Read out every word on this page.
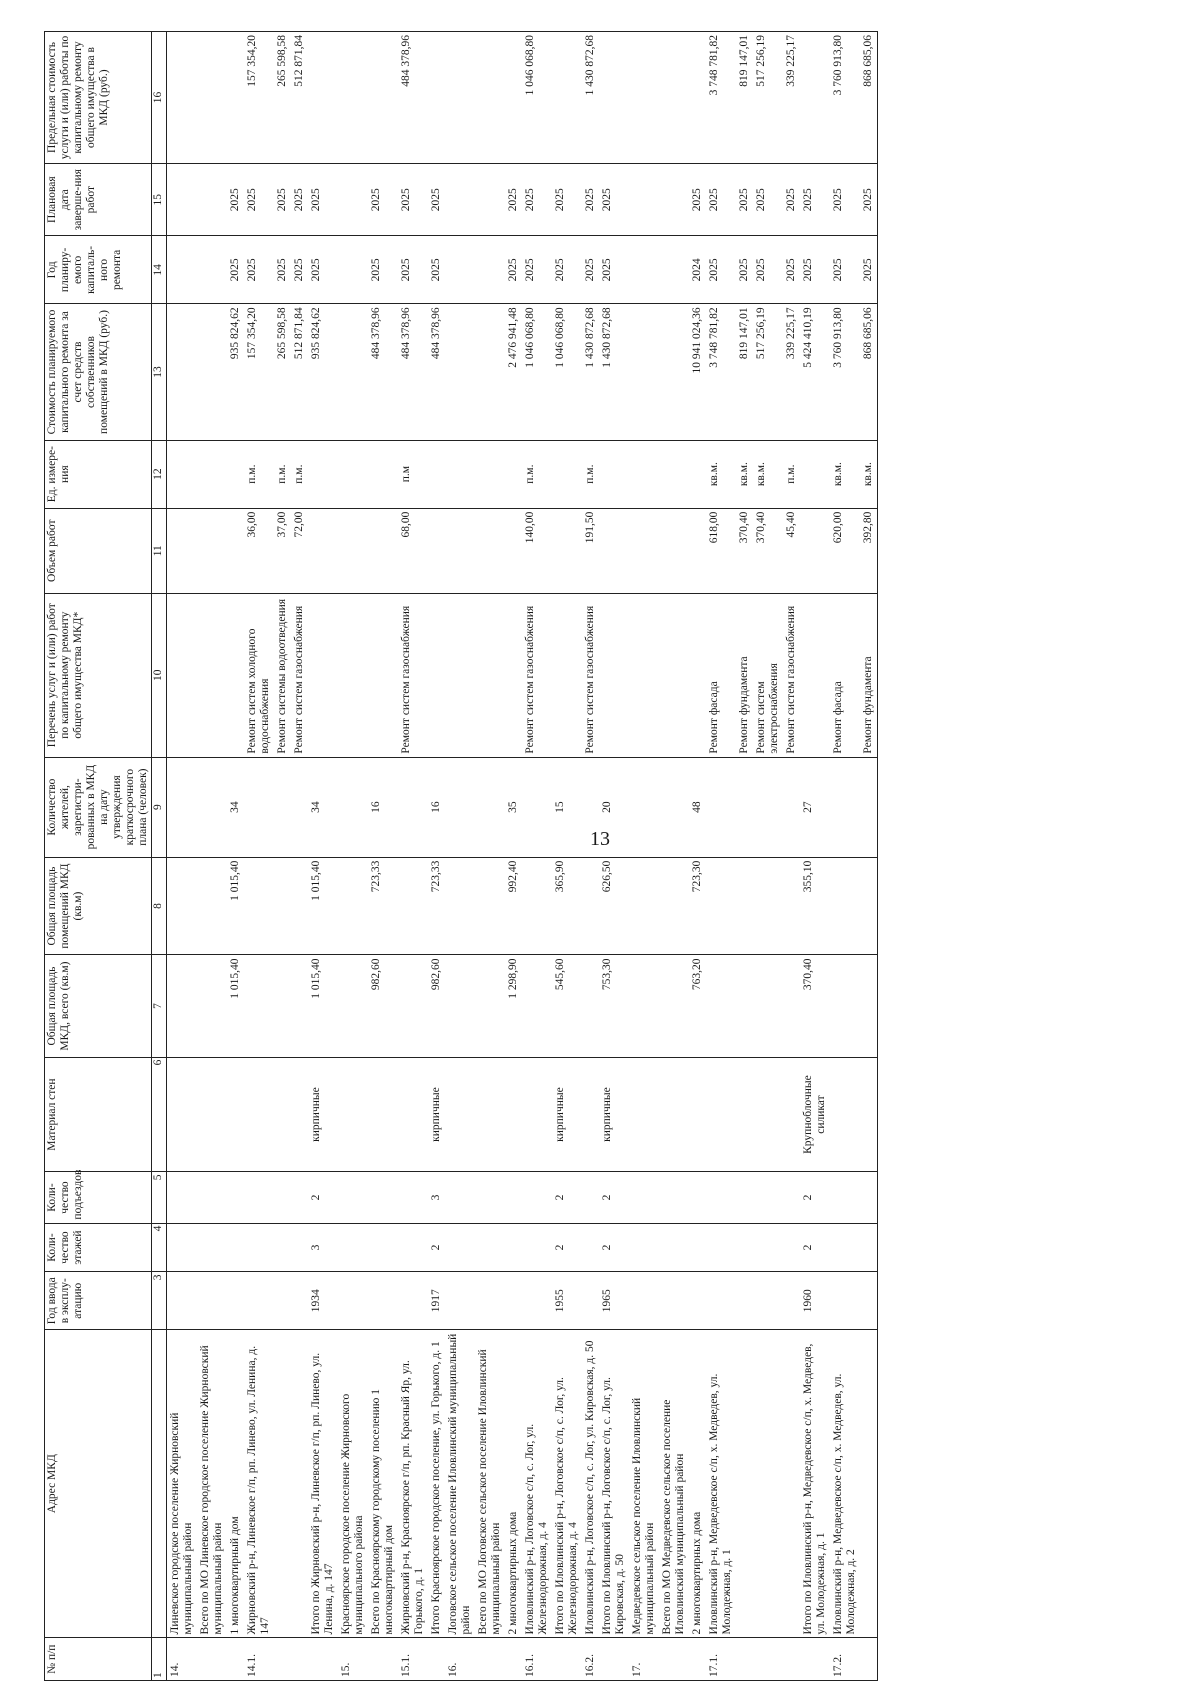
13
№ п/п	Адрес МКД	Год ввода в эксплу-атацию	Коли-чество этажей	Коли-чество подъездов	Материал стен	Общая площадь МКД, всего (кв.м)	Общая площадь помещений МКД (кв.м)	Количество жителей, зарегистри-рованных в МКД на дату утверждения краткосрочного плана (человек)	Перечень услуг и (или) работ по капитальному ремонту общего имущества МКД*	Объем работ	Ед. измере-ния	Стоимость планируемого капитального ремонта за счет средств собственников помещений в МКД (руб.)	Год планиру-емого капиталь-ного ремонта	Плановая дата заверше-ния работ	Предельная стоимость услуги и (или) работы по капитальному ремонту общего имущества в МКД (руб.)
1		3	4	5	6	7	8	9	10	11	12	13	14	15	16
14.	Линевское городское поселение Жирновский муниципальный район														
	Всего по МО Линевское городское поселение Жирновский муниципальный район														
	1 многоквартирный дом					1 015,40	1 015,40	34				935 824,62	2025	2025	
14.1.	Жирновский р-н, Линевское г/п, рп. Линево, ул. Ленина, д. 147								Ремонт систем холодного водоснабжения	36,00	п.м.	157 354,20	2025	2025	157 354,20
									Ремонт системы водоотведения	37,00	п.м.	265 598,58	2025	2025	265 598,58
									Ремонт систем газоснабжения	72,00	п.м.	512 871,84	2025	2025	512 871,84
	Итого по Жирновский р-н, Линевское г/п, рп. Линево, ул. Ленина, д. 147	1934	3	2	кирпичные	1 015,40	1 015,40	34				935 824,62	2025	2025	
15.	Красноярское городское поселение Жирновского муниципального района														
	Всего по Красноярскому городскому поселению 1 многоквартирный дом					982,60	723,33	16				484 378,96	2025	2025	
15.1.	Жирновский р-н, Красноярское г/п, рп. Красный Яр, ул. Горького, д. 1								Ремонт систем газоснабжения	68,00	п.м	484 378,96	2025	2025	484 378,96
	Итого Красноярское городское поселение, ул. Горького, д. 1	1917	2	3	кирпичные	982,60	723,33	16				484 378,96	2025	2025	
16.	Логовское сельское поселение Иловлинский муниципальный район														
	Всего по МО Логовское сельское поселение Иловлинский муниципальный район														
	2 многоквартирных дома					1 298,90	992,40	35				2 476 941,48	2025	2025	
16.1.	Иловлинский р-н, Логовское с/п, с. Лог, ул. Железнодорожная, д. 4								Ремонт систем газоснабжения	140,00	п.м.	1 046 068,80	2025	2025	1 046 068,80
	Итого по Иловлинский р-н, Логовское с/п, с. Лог, ул. Железнодорожная, д. 4	1955	2	2	кирпичные	545,60	365,90	15				1 046 068,80	2025	2025	
16.2.	Иловлинский р-н, Логовское с/п, с. Лог, ул. Кировская, д. 50								Ремонт систем газоснабжения	191,50	п.м.	1 430 872,68	2025	2025	1 430 872,68
	Итого по Иловлинский р-н, Логовское с/п, с. Лог, ул. Кировская, д. 50	1965	2	2	кирпичные	753,30	626,50	20				1 430 872,68	2025	2025	
17.	Медведевское сельское поселение Иловлинский муниципальный район														
	Всего по МО Медведевское сельское поселение Иловлинский муниципальный район														
	2 многоквартирных дома					763,20	723,30	48				10 941 024,36	2024	2025	
17.1.	Иловлинский р-н, Медведевское с/п, х. Медведев, ул. Молодежная, д. 1								Ремонт фасада	618,00	кв.м.	3 748 781,82	2025	2025	3 748 781,82
									Ремонт фундамента	370,40	кв.м.	819 147,01	2025	2025	819 147,01
									Ремонт систем электроснабжения	370,40	кв.м.	517 256,19	2025	2025	517 256,19
									Ремонт систем газоснабжения	45,40	п.м.	339 225,17	2025	2025	339 225,17
	Итого по Иловлинский р-н, Медведевское с/п, х. Медведев, ул. Молодежная, д. 1	1960	2	2	Крупноблочные силикат	370,40	355,10	27				5 424 410,19	2025	2025	
17.2.	Иловлинский р-н, Медведевское с/п, х. Медведев, ул. Молодежная, д. 2								Ремонт фасада	620,00	кв.м.	3 760 913,80	2025	2025	3 760 913,80
									Ремонт фундамента	392,80	кв.м.	868 685,06	2025	2025	868 685,06
